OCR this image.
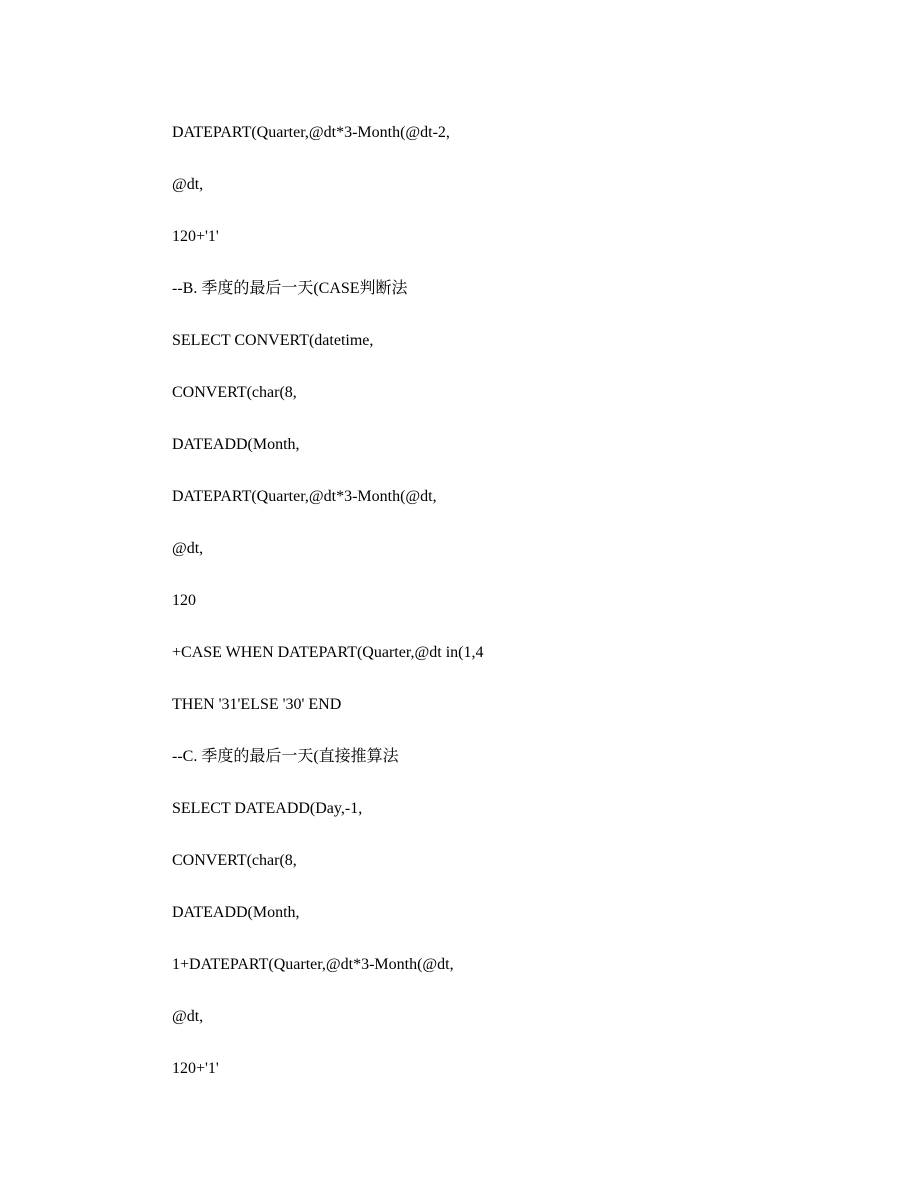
DATEPART(Quarter,@dt*3-Month(@dt-2,
@dt,
120+'1'
--B. 季度的最后一天(CASE判断法
SELECT CONVERT(datetime,
CONVERT(char(8,
DATEADD(Month,
DATEPART(Quarter,@dt*3-Month(@dt,
@dt,
120
+CASE WHEN DATEPART(Quarter,@dt in(1,4
THEN '31'ELSE '30' END
--C. 季度的最后一天(直接推算法
SELECT DATEADD(Day,-1,
CONVERT(char(8,
DATEADD(Month,
1+DATEPART(Quarter,@dt*3-Month(@dt,
@dt,
120+'1'
